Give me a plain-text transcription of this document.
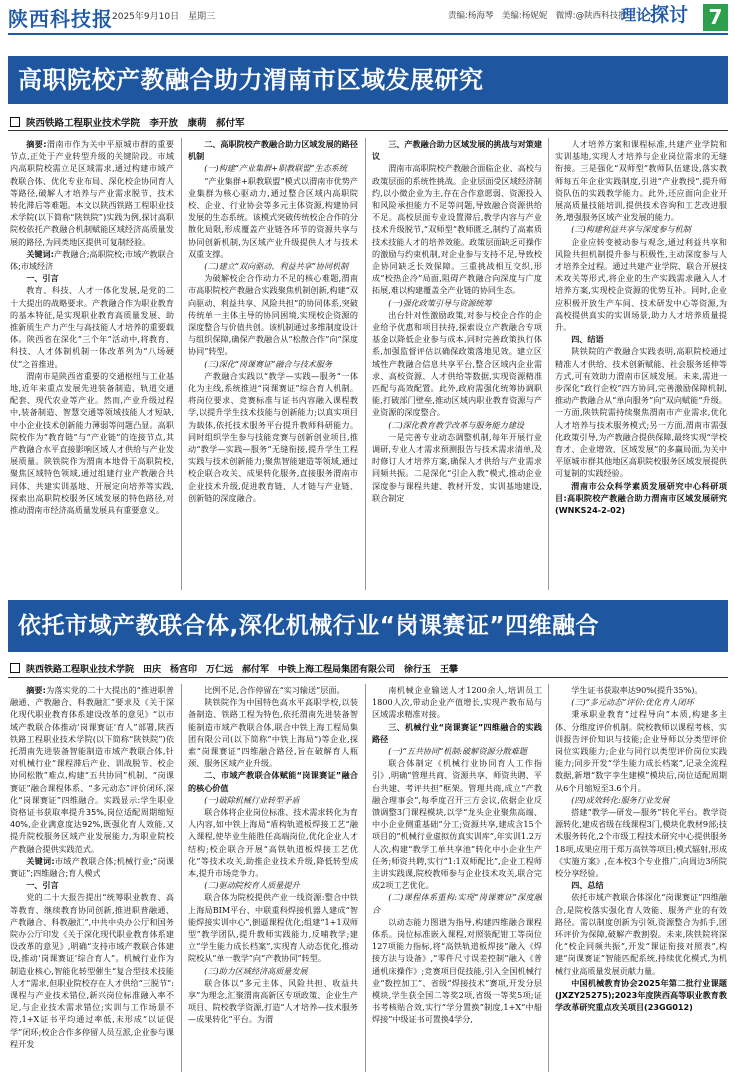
陕西科技报 2025年9月10日　星期三	责编:杨海琴　美编:杨妮妮　微博:@陕西科技报
理论
探讨 7
高职院校产教融合助力渭南市区域发展研究
陕西铁路工程职业技术学院　李开放　康萌　郝付军

摘要:渭南市作为关中平原城市群的重要节点,正处于产业转型升级的关键阶段。市域内高职院校需立足区域需求,通过构建市域产教联合体、优化专业布局、深化校企协同育人等路径,破解人才培养与产业需求脱节、技术转化滞后等难题。本文以陕西铁路工程职业技术学院(以下简称“陕铁院”)实践为例,探讨高职院校依托产教融合机制赋能区域经济高质量发展的路径,为同类地区提供可复制经验。

关键词:产教融合;高职院校;市域产教联合体;市域经济

一、引言

教育、科技、人才一体化发展,是党的二十大提出的战略要求。产教融合作为职业教育的基本特征,是实现职业教育高质量发展、助推新质生产力产生与高技能人才培养的重要载体。陕西省在深化“三个年”活动中,将教育、科技、人才体制机制一体改革列为“八场硬仗”之首推进。

渭南市是陕西省重要的交通枢纽与工业基地,近年来重点发展先进装备制造、轨道交通配套、现代农业等产业。然而,产业升级过程中,装备制造、智慧交通等领域技能人才短缺,中小企业技术创新能力薄弱等问题凸显。高职院校作为“教育链”与“产业链”的连接节点,其产教融合水平直接影响区域人才供给与产业发展质量。陕铁院作为渭南本地骨干高职院校,聚焦区域特色领域,通过组建行业产教融合共同体、共建实训基地、开展定向培养等实践,探索出高职院校服务区域发展的特色路径,对推动渭南市经济高质量发展具有重要意义。

二、高职院校产教融合助力区域发展的路径机制

(一)构建“产业集群+职教联盟”生态系统

“产业集群+职教联盟”模式以渭南市优势产业集群为核心驱动力,通过整合区域内高职院校、企业、行业协会等多元主体资源,构建协同发展的生态系统。该模式突破传统校企合作的分散化局限,形成覆盖产业链各环节的资源共享与协同创新机制,为区域产业升级提供人才与技术双重支撑。

(二)建立“双向驱动、利益共享”协同机制

为破解校企合作动力不足的核心难题,渭南市高职院校产教融合实践聚焦机制创新,构建“双向驱动、利益共享、风险共担”的协同体系,突破传统单一主体主导的协同困境,实现校企资源的深度整合与价值共创。该机制通过多维制度设计与组织保障,确保产教融合从“松散合作”向“深度协同”转型。

(三)深化“岗课赛证”融合与技术服务

产教融合实践以“教学—实践—服务”一体化为主线,系统推进“岗课赛证”综合育人机制。将岗位要求、竞赛标准与证书内容融入课程教学,以提升学生技术技能与创新能力;以真实项目为载体,依托技术服务平台提升教师科研能力。同时组织学生参与技能竞赛与创新创业项目,推动“教学—实践—服务”无缝衔接,提升学生工程实践与技术创新能力;聚焦智能建造等领域,通过校企联合攻关、成果转化服务,直接服务渭南市企业技术升级,促进教育链、人才链与产业链、创新链的深度融合。

三、产教融合助力区域发展的挑战与对策建议

渭南市高职院校产教融合面临企业、高校与政策层面的系统性挑战。企业层面受区域经济制约,以小微企业为主,存在合作意愿弱、资源投入和风险承担能力不足等问题,导致融合资源供给不足。高校层面专业设置滞后,教学内容与产业技术升级脱节,“双师型”教师匮乏,制约了高素质技术技能人才的培养效能。政策层面缺乏可操作的激励与约束机制,对企业参与支持不足,导致校企协同缺乏长效保障。三重挑战相互交织,形成“校热企冷”局面,阻碍产教融合向深度与广度拓展,难以构建覆盖全产业链的协同生态。

(一)强化政策引导与资源统筹

出台针对性激励政策,对参与校企合作的企业给予优惠和项目扶持,探索设立产教融合专项基金以降低企业参与成本,同时完善政策执行体系,加强监督评估以确保政策落地见效。建立区域性产教融合信息共享平台,整合区域内企业需求、高校资源、人才供给等数据,实现资源精准匹配与高效配置。此外,政府需强化统筹协调职能,打破部门壁垒,推动区域内职业教育资源与产业资源的深度整合。

(二)深化教育教学改革与服务能力建设

一是完善专业动态调整机制,每年开展行业调研,专业人才需求预测报告与技术需求清单,及时修订人才培养方案,确保人才供给与产业需求同频共振。二是深化“引企入教”模式,推动企业深度参与课程共建、教材开发、实训基地建设,联合制定

人才培养方案和课程标准,共建产业学院和实训基地,实现人才培养与企业岗位需求的无缝衔接。三是强化“双师型”教师队伍建设,落实教师每五年企业实践制度,引进“产业教授”,提升师资队伍的实践教学能力。此外,还应面向企业开展高质量技能培训,提供技术咨询和工艺改进服务,增强服务区域产业发展的能力。

(三)构建利益共享与深度参与机制

企业应转变被动参与观念,通过利益共享和风险共担机制提升参与积极性,主动深度参与人才培养全过程。通过共建产业学院、联合开展技术攻关等形式,将企业的生产实践需求融入人才培养方案,实现校企资源的优势互补。同时,企业应积极开放生产车间、技术研发中心等资源,为高校提供真实的实训场景,助力人才培养质量提升。

四、结语

陕铁院的产教融合实践表明,高职院校通过精准人才供给、技术创新赋能、社会服务延伸等方式,可有效助力渭南市区域发展。未来,需进一步深化“政行企校”四方协同,完善激励保障机制,推动产教融合从“单向服务”向“双向赋能”升级。一方面,陕铁院需持续聚焦渭南市产业需求,优化人才培养与技术服务模式;另一方面,渭南市需强化政策引导,为产教融合提供保障,最终实现“学校育才、企业增效、区域发展”的多赢局面,为关中平原城市群其他地区高职院校服务区域发展提供可复制的实践经验。

渭南市公众科学素质发展研究中心科研项目:高职院校产教融合助力渭南市区域发展研究(WNKS24-2-02)

依托市域产教联合体,深化机械行业“岗课赛证”四维融合
陕西铁路工程职业技术学院　田庆　杨宫印　万仁远　郝付军　中铁上海工程局集团有限公司　徐行玉　王攀

摘要:为落实党的二十大提出的“推进职普融通、产教融合、科教融汇”要求及《关于深化现代职业教育体系建设改革的意见》“以市域产教联合体推动‘岗课赛证’育人”部署,陕西铁路工程职业技术学院(以下简称“陕铁院”)依托渭南先进装备智能制造市域产教联合体,针对机械行业“课程滞后产业、训战脱节、校企协同松散”难点,构建“五共协同”机制、“岗课赛证”融合课程体系、“多元动态”评价闭环,深化“岗课赛证”四维融合。实践显示:学生职业资格证书获取率提升35%,岗位适配周期缩短40%,企业满意度达92%,既强化育人效能,又提升院校服务区域产业发展能力,为职业院校产教融合提供实践范式。

关键词:市域产教联合体;机械行业;“岗课赛证”;四维融合;育人模式

一、引言

党的二十大报告提出“统筹职业教育、高等教育、继续教育协同创新,推进职普融通、产教融合、科教融汇”,中共中央办公厅和国务院办公厅印发《关于深化现代职业教育体系建设改革的意见》,明确“支持市域产教联合体建设,推动‘岗课赛证’综合育人”。机械行业作为制造业核心,智能化转型催生“复合型技术技能人才”需求,但职业院校存在人才供给“三脱节”:课程与产业技术错位,新兴岗位标准融入率不足,与企业技术需求错位;实训与工作场景不符,1+X证书平均通过率低,未形成“以证促学”闭环;校企合作多停留人员互派,企业参与课程开发

比例不足,合作停留在“实习输送”层面。

陕铁院作为中国特色高水平高职学校,以装备制造、铁路工程为特色,依托渭南先进装备智能制造市域产教联合体,联合中铁上海工程局集团有限公司(以下简称“中铁上海局”)等企业,探索“岗课赛证”四维融合路径,旨在破解育人瓶颈、服务区域产业升级。

二、市域产教联合体赋能“岗课赛证”融合的核心价值

(一)破除机械行业转型矛盾

联合体将企业岗位标准、技术需求转化为育人内容,如中铁上海局“盾构轨道板焊接工艺”融入课程,使毕业生能胜任高端岗位,优化企业人才结构;校企联合开展“高铁轨道板焊接工艺优化”等技术攻关,助推企业技术升级,降低转型成本,提升市场竞争力。

(二)驱动院校育人质量提升

联合体为院校提供产业一线资源:整合中铁上海局BIM平台、中联重科焊接机器人建成“智能焊接实训中心”,倒逼课程优化;组建“1+1双师型”教学团队,提升教师实践能力,反哺教学;建立“学生能力成长档案”,实现育人动态优化,推动院校从“单一教学”向“产教协同”转型。

(三)助力区域经济高质量发展

联合体以“多元主体、风险共担、收益共享”为理念,汇聚渭南高新区专项政策、企业生产项目、院校教学资源,打造“人才培养—技术服务—成果转化”平台。为渭

南机械企业输送人才1200余人,培训员工1800人次,带动企业产值增长,实现产教布局与区域需求精准对接。

三、机械行业“岗课赛证”四维融合的实践路径

(一)“五共协同”机制:破解资源分散难题

联合体制定《机械行业协同育人工作指引》,明确“管理共商、资源共享、师资共聘、平台共建、考评共担”框架。管理共商,成立“产教融合理事会”,每季度召开三方会议,依据企业反馈调整3门课程模块,以学“龙头企业聚焦高端、中小企业侧重基础”分工;资源共享,建成含15个项目的“机械行业虚拟仿真实训库”,年实训1.2万人次,构建“教学工单共享池”转化中小企业生产任务;师资共聘,实行“1:1双师配比”,企业工程师主讲实践课,院校教师参与企业技术攻关,联合完成2项工艺优化。

(二)课程体系重构:实现“岗课赛证”深度融合

以动态能力图谱为指导,构建四维融合课程体系。岗位标准嵌入课程,对照装配钳工等岗位127项能力指标,将“高铁轨道板焊接”融入《焊接方法与设备》,“零件尺寸误差控制”融入《普通机床操作》;竞赛项目促技能,引入全国机械行业“数控加工”、省级“焊接技术”赛项,开发分层模块,学生获全国二等奖2项,省级一等奖5项;证书考核贴合效,实行“学分置换”制度,1+X“中船焊接”中级证书可置换4学分,

学生证书获取率达90%(提升35%)。

(三)“多元动态”评价:优化育人闭环

秉承职业教育“过程导向”本质,构建多主体、分维度评价机制。院校教师以课程考核、实训报告评价知识与技能;企业导师以分类型评价岗位实践能力;企业与同行以类型评价岗位实践能力;同步开发“学生能力成长档案”,记录全流程数据,新增“数字孪生建模”模块后,岗位适配周期从6个月缩短至3.6个月。

(四)成效转化:服务行业发展

搭建“教学—研发—服务”转化平台。教学资源转化,建成省级在线课程3门,模块化教材9部;技术服务转化,2个市级工程技术研究中心提供服务18项,成果应用于郑万高铁等项目;模式辐射,形成《实施方案》,在本校3个专业推广,向周边3所院校分享经验。

四、总结

依托市域产教联合体深化“岗课赛证”四维融合,是院校落实强化育人效能、服务产业的有效路径。需以制度创新为引领,资源整合为抓手,团环评价为保障,破解产教割裂。未来,陕铁院将深化“校企同频共振”,开发“课证衔接对照表”,构建“岗课赛证”智能匹配系统,持续优化模式,为机械行业高质量发展贡献力量。

中国机械教育协会2025年第二批行业课题(JXZY25275);2023年度陕西高等职业教育教学改革研究重点攻关项目(23GG012)
